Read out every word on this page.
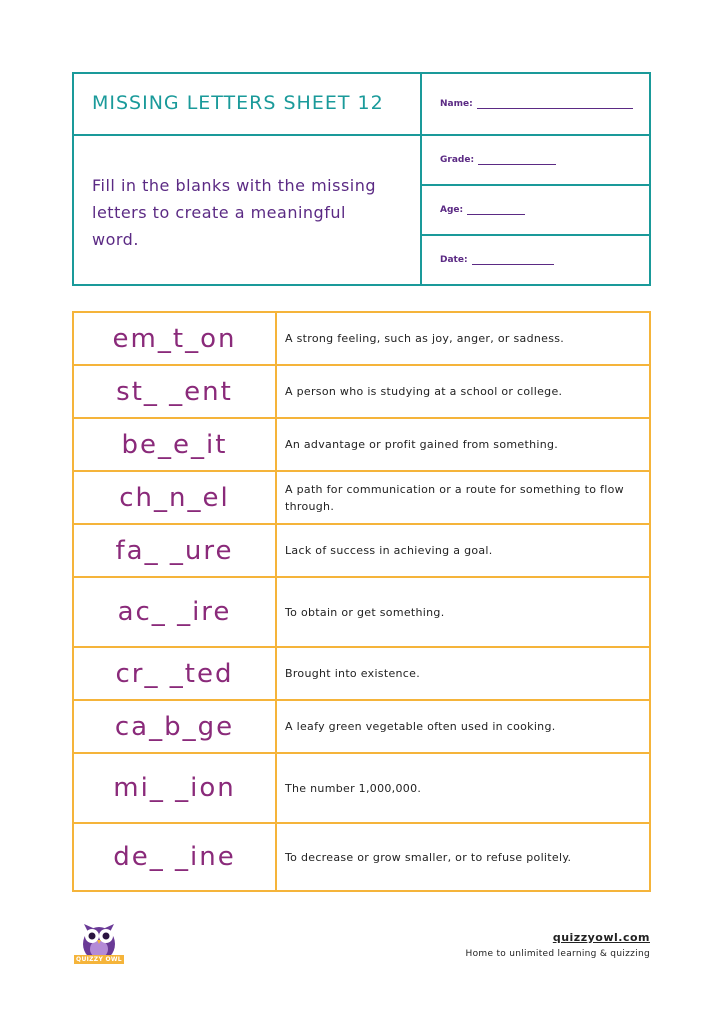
MISSING LETTERS SHEET 12
Fill in the blanks with the missing letters to create a meaningful word.
Name:
Grade:
Age:
Date:
em_t_on	A strong feeling, such as joy, anger, or sadness.
st_ _ent	A person who is studying at a school or college.
be_e_it	An advantage or profit gained from something.
ch_n_el	A path for communication or a route for something to flow through.
fa_ _ure	Lack of success in achieving a goal.
ac_ _ire	To obtain or get something.
cr_ _ted	Brought into existence.
ca_b_ge	A leafy green vegetable often used in cooking.
mi_ _ion	The number 1,000,000.
de_ _ine	To decrease or grow smaller, or to refuse politely.
QUIZZY OWL
quizzyowl.com
Home to unlimited learning & quizzing
